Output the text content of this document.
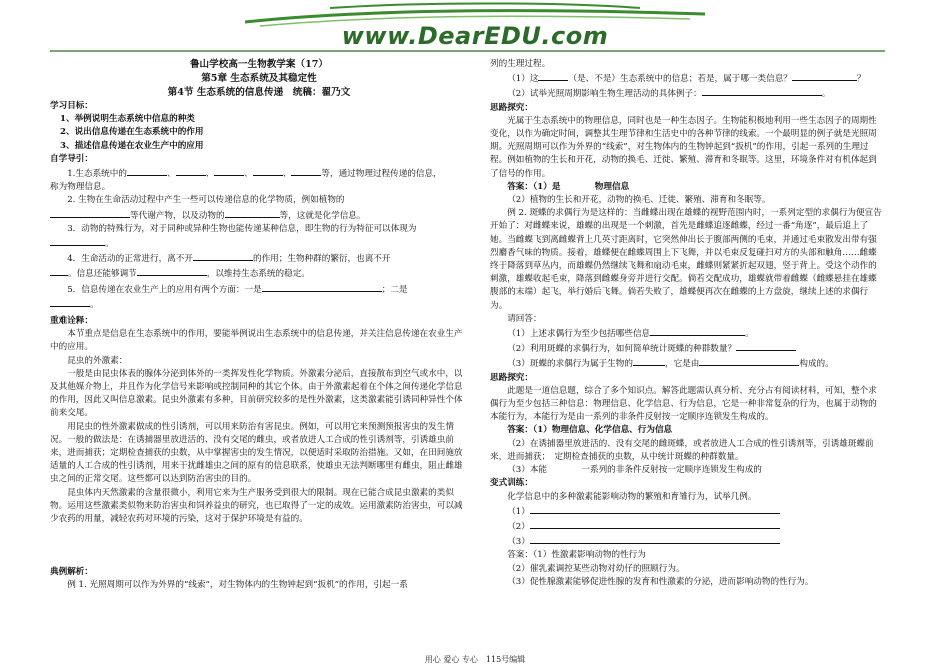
www.DearEDU.com
鲁山学校高一生物教学案（17）
第5章 生态系统及其稳定性
第4节 生态系统的信息传递　统稿：翟乃文
学习目标：
1、举例说明生态系统中信息的种类
2、说出信息传递在生态系统中的作用
3、描述信息传递在农业生产中的应用
自学导引：
1.生态系统中的	、	、	、	、	等，通过物理过程传递的信息，
称为物理信息。
2. 生物在生命活动过程中产生一些可以传递信息的化学物质，例如植物的
等代谢产物，以及动物的	等，这就是化学信息。
3．动物的特殊行为，对于同种或异种生物也能传递某种信息，即生物的行为特征可以体现为。
4．生命活动的正常进行，离不开	的作用；生物种群的繁衍，也离不开
。信息还能够调节	，以维持生态系统的稳定。
5．信息传递在农业生产上的应用有两个方面：一是	；二是
。
重难诠释：
本节重点是信息在生态系统中的作用，要能举例说出生态系统中的信息传递，并关注信息传递在农业生产中的应用。
昆虫的外激素：
一般是由昆虫体表的腺体分泌到体外的一类挥发性化学物质。外激素分泌后，直接散布到空气或水中，以及其他媒介物上，并且作为化学信号来影响或控制同种的其它个体。由于外激素起着在个体之间传递化学信息的作用，因此又叫信息激素。昆虫外激素有多种，目前研究较多的是性外激素，这类激素能引诱同种异性个体前来交尾。
用昆虫的性外激素做成的性引诱剂，可以用来防治有害昆虫。例如，可以用它来预测预报害虫的发生情况。一般的做法是：在诱捕器里放进活的、没有交尾的雌虫，或者放进人工合成的性引诱剂等，引诱雄虫前来，进而捕获；定期检查捕获的虫数，从中掌握害虫的发生情况，以便适时采取防治措施。又如，在田间施放适量的人工合成的性引诱剂，用来干扰雌雄虫之间的原有的信息联系，使雄虫无法判断哪里有雌虫，阻止雌雄虫之间的正常交尾。这些都可以达到防治害虫的目的。
昆虫体内天然激素的含量很微小，利用它来为生产服务受到很大的限制。现在已能合成昆虫激素的类似物。运用这些激素类似物来防治害虫和饲养益虫的研究，也已取得了一定的成效。运用激素防治害虫，可以减少农药的用量，减轻农药对环境的污染，这对于保护环境是有益的。
典例解析：
例 1. 光照周期可以作为外界的“线索”，对生物体内的生物钟起到“扳机”的作用，引起一系
列的生理过程。
（1）这	（是、不是）生态系统中的信息；若是，属于哪一类信息？	？
（2）试举光照周期影响生物生理活动的具体例子：	。
思路探究：
光属于生态系统中的物理信息，同时也是一种生态因子。生物能积极地利用一些生态因子的周期性变化，以作为确定时间，调整其生理节律和生活史中的各种节律的线索。一个最明显的例子就是光照周期。光照周期可以作为外界的“线索”，对生物体内的生物钟起到“扳机”的作用，引起一系列的生理过程。例如植物的生长和开花，动物的换毛、迁徙、繁殖、滞育和冬眠等。这里，环境条件对有机体起到了信号的作用。
答案：（1）是　　　　物理信息
（2）植物的生长和开花，动物的换毛、迁徙、繁殖、滞育和冬眠等。
例 2. 斑蝶的求偶行为是这样的：当雌蝶出现在雄蝶的视野范围内时，一系列定型的求偶行为便宣告开始了：对雌蝶来说，雄蝶的出现是一个刺激，首先是雌蝶追逐雌蝶，经过一番“角逐”，最后追上了她。当雌蝶飞到离雌蝶背上几英寸距离时，它突然伸出长于腹部两侧的毛束，并通过毛束散发出带有强烈麝香气味的物质。接着，雄蝶便在雌蝶周围上下飞舞，并以毛束反复碰扫对方的头部和触角……雌蝶终于降落到草丛内，而雄蝶仍然继续飞舞和扇动毛束，雌蝶则紧紧折起双翅，竖于背上。受这个动作的刺激，雄蝶收起毛束，降落到雌蝶身旁并进行交配。倘若交配成功，雄蝶就带着雌蝶（雌蝶悬挂在雄蝶腹部的末端）起飞，举行婚后飞舞。倘若失败了，雄蝶便再次在雌蝶的上方盘旋，继续上述的求偶行为。
请回答：
（1）上述求偶行为至少包括哪些信息	。
（2）利用斑蝶的求偶行为，如何简单统计斑蝶的种群数量？
（3）斑蝶的求偶行为属于生物的	，它是由	构成的。
思路探究：
此题是一道信息题，综合了多个知识点。解答此题需认真分析、充分占有阅读材料，可知，整个求偶行为至少包括三种信息：物理信息、化学信息、行为信息，它是一种非常复杂的行为，也属于动物的本能行为，本能行为是由一系列的非条件反射按一定顺序连锁发生构成的。
答案：（1）物理信息、化学信息、行为信息
（2）在诱捕器里放进活的、没有交尾的雌斑蝶，或者放进人工合成的性引诱剂等，引诱雄斑蝶前来，进而捕获；　定期检查捕获的虫数，从中统计斑蝶的种群数量。
（3）本能　　　　一系列的非条件反射按一定顺序连锁发生构成的
变式训练：
化学信息中的多种激素能影响动物的繁殖和育雏行为，试举几例。
（1）
（2）
（3）
答案：（1）性激素影响动物的性行为
（2）催乳素调控某些动物对幼仔的照顾行为。
（3）促性腺激素能够促进性腺的发育和性激素的分泌，进而影响动物的性行为。
用心 爱心 专心　115号编辑
